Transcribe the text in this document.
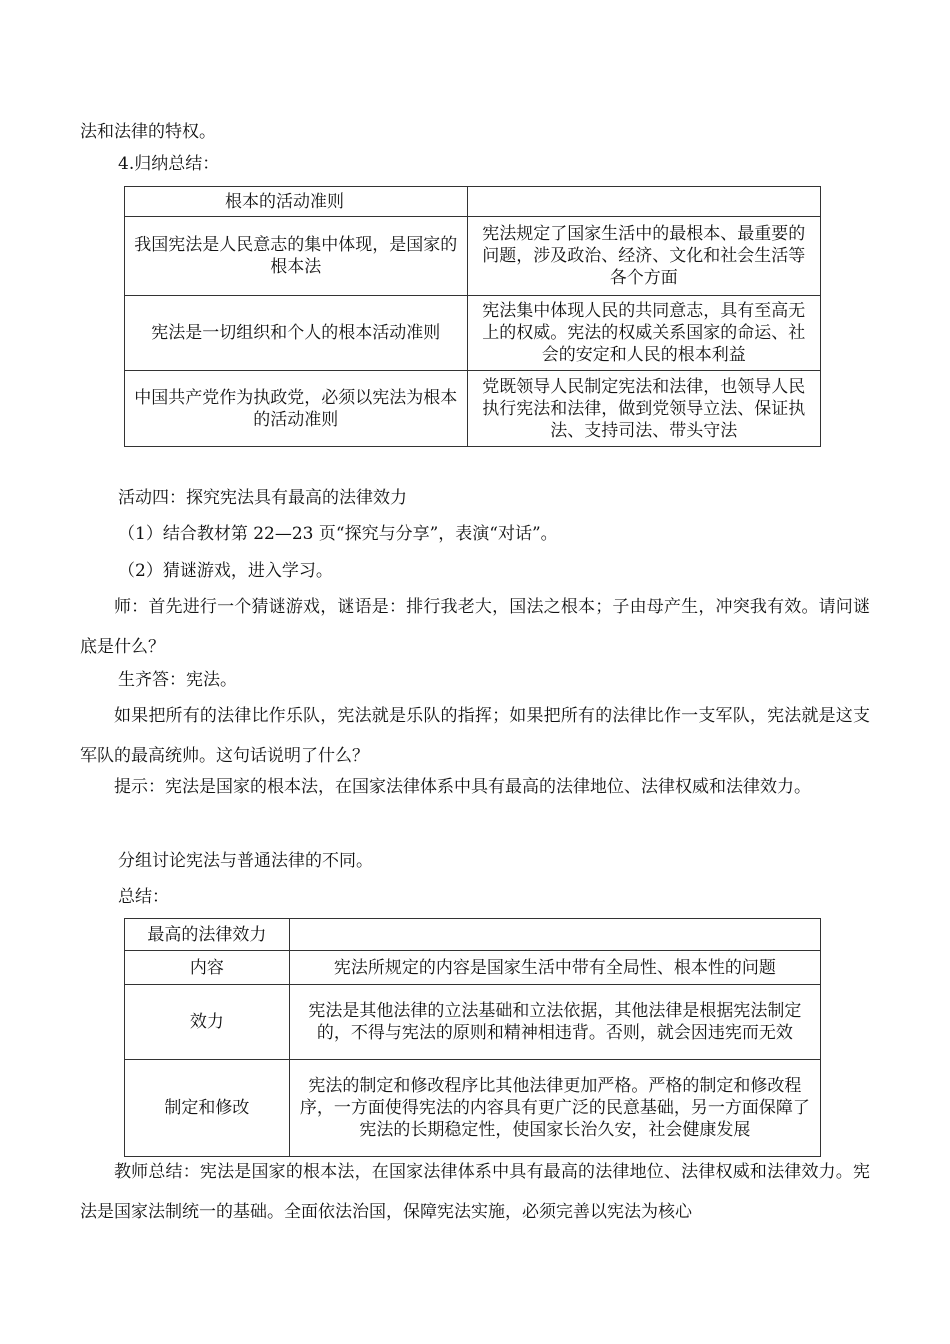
法和法律的特权。
4.归纳总结：
根本的活动准则	
我国宪法是人民意志的集中体现，是国家的根本法	宪法规定了国家生活中的最根本、最重要的问题，涉及政治、经济、文化和社会生活等各个方面
宪法是一切组织和个人的根本活动准则	宪法集中体现人民的共同意志，具有至高无上的权威。宪法的权威关系国家的命运、社会的安定和人民的根本利益
中国共产党作为执政党，必须以宪法为根本的活动准则	党既领导人民制定宪法和法律，也领导人民执行宪法和法律，做到党领导立法、保证执法、支持司法、带头守法
活动四：探究宪法具有最高的法律效力
（1）结合教材第 22—23 页“探究与分享”，表演“对话”。
（2）猜谜游戏，进入学习。
师：首先进行一个猜谜游戏，谜语是：排行我老大，国法之根本；子由母产生，冲突我有效。请问谜底是什么？
生齐答：宪法。
如果把所有的法律比作乐队，宪法就是乐队的指挥；如果把所有的法律比作一支军队，宪法就是这支军队的最高统帅。这句话说明了什么？
提示：宪法是国家的根本法，在国家法律体系中具有最高的法律地位、法律权威和法律效力。
分组讨论宪法与普通法律的不同。
总结：
最高的法律效力	
内容	宪法所规定的内容是国家生活中带有全局性、根本性的问题
效力	宪法是其他法律的立法基础和立法依据，其他法律是根据宪法制定的，不得与宪法的原则和精神相违背。否则，就会因违宪而无效
制定和修改	宪法的制定和修改程序比其他法律更加严格。严格的制定和修改程序，一方面使得宪法的内容具有更广泛的民意基础，另一方面保障了宪法的长期稳定性，使国家长治久安，社会健康发展
教师总结：宪法是国家的根本法，在国家法律体系中具有最高的法律地位、法律权威和法律效力。宪法是国家法制统一的基础。全面依法治国，保障宪法实施，必须完善以宪法为核心
